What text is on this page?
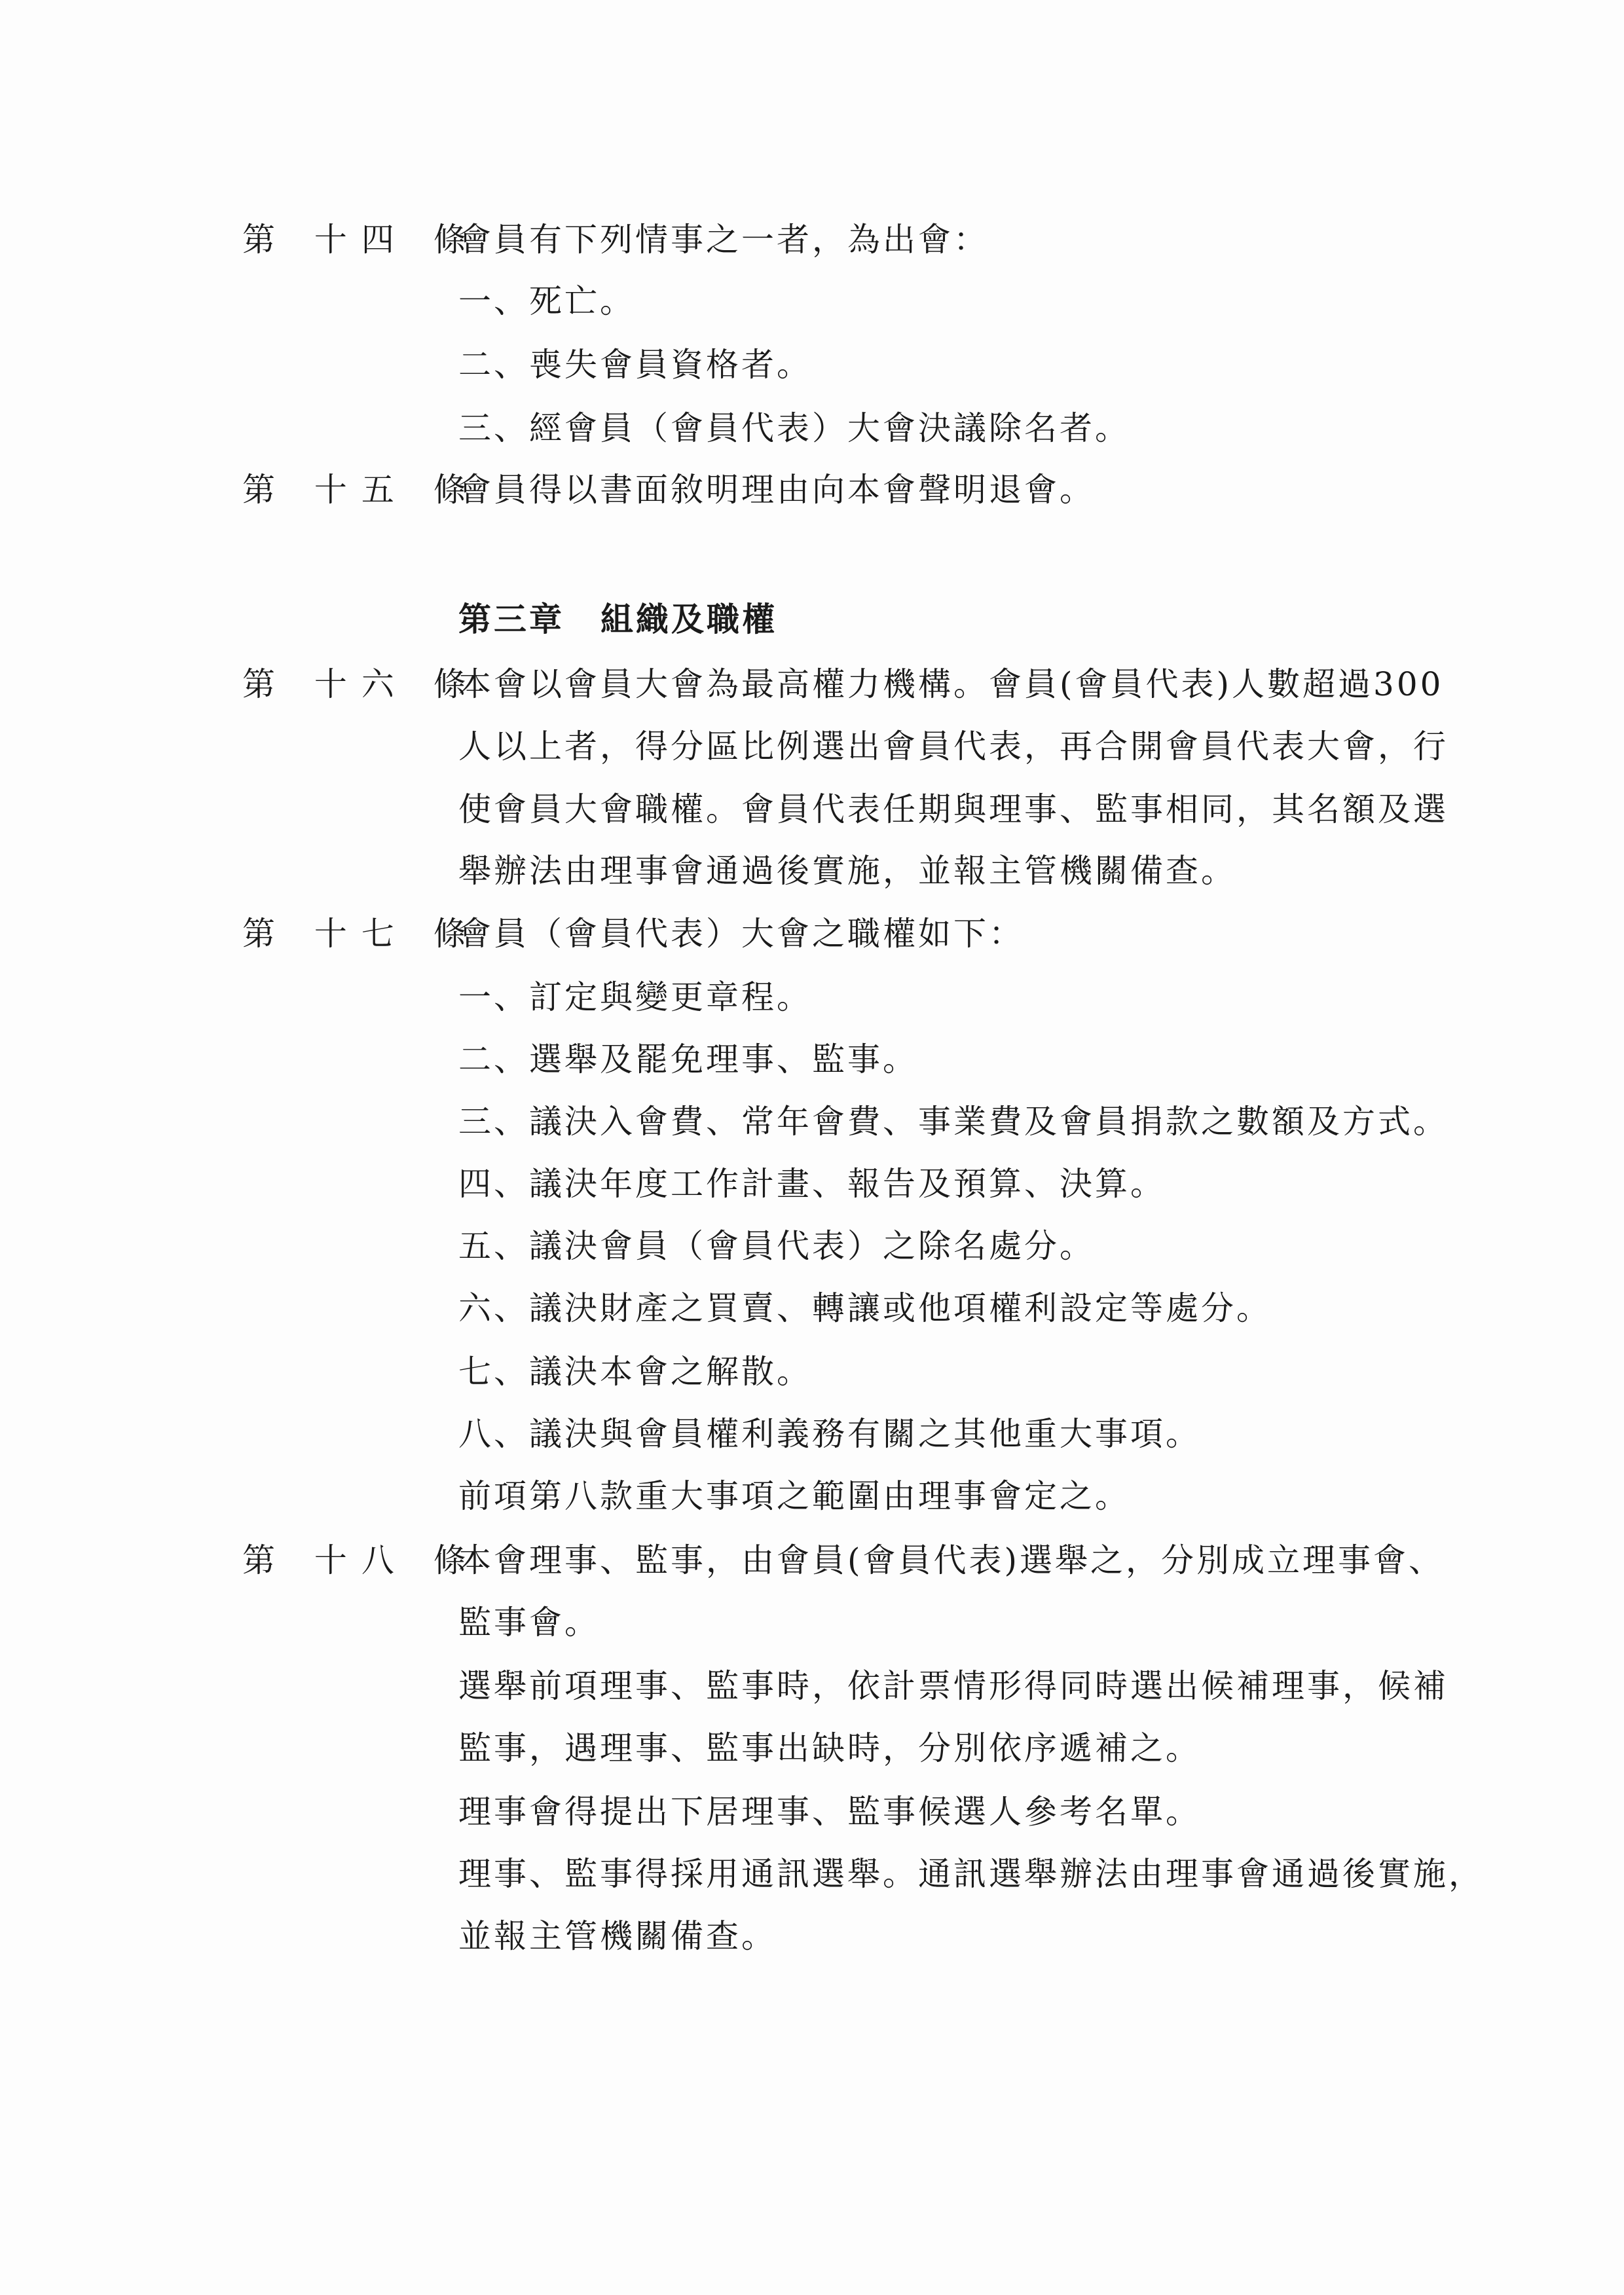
第 十四 條
會員有下列情事之一者，為出會：
一、死亡。
二、喪失會員資格者。
三、經會員（會員代表）大會決議除名者。
第 十五 條
會員得以書面敘明理由向本會聲明退會。
第三章 組織及職權
第 十六 條
本會以會員大會為最高權力機構。會員(會員代表)人數超過300
人以上者，得分區比例選出會員代表，再合開會員代表大會，行
使會員大會職權。會員代表任期與理事、監事相同，其名額及選
舉辦法由理事會通過後實施，並報主管機關備查。
第 十七 條
會員（會員代表）大會之職權如下：
一、訂定與變更章程。
二、選舉及罷免理事、監事。
三、議決入會費、常年會費、事業費及會員捐款之數額及方式。
四、議決年度工作計畫、報告及預算、決算。
五、議決會員（會員代表）之除名處分。
六、議決財產之買賣、轉讓或他項權利設定等處分。
七、議決本會之解散。
八、議決與會員權利義務有關之其他重大事項。
前項第八款重大事項之範圍由理事會定之。
第 十八 條
本會理事、監事，由會員(會員代表)選舉之，分別成立理事會、
監事會。
選舉前項理事、監事時，依計票情形得同時選出候補理事，候補
監事，遇理事、監事出缺時，分別依序遞補之。
理事會得提出下居理事、監事候選人參考名單。
理事、監事得採用通訊選舉。通訊選舉辦法由理事會通過後實施，
並報主管機關備查。
